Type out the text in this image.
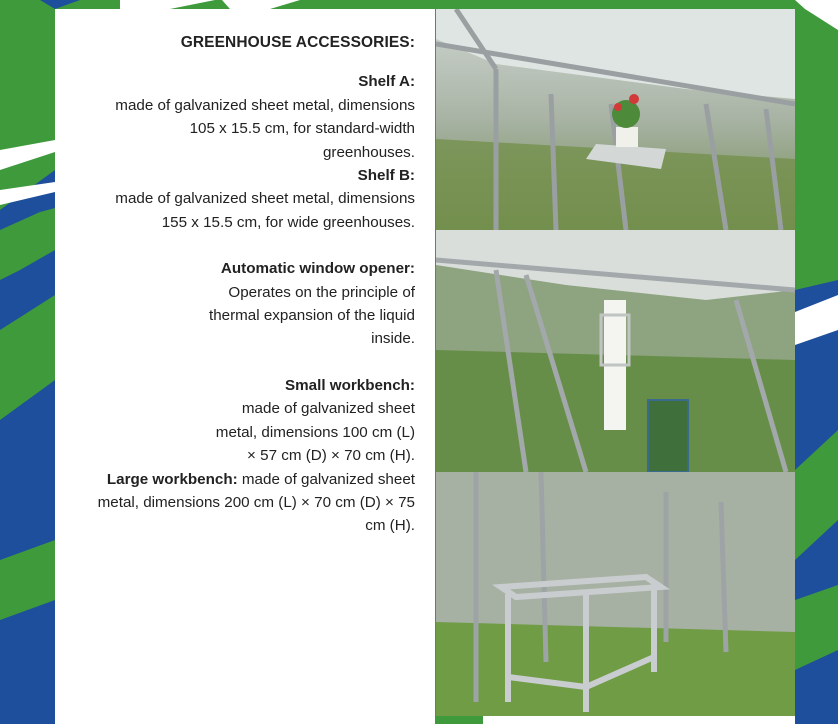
GREENHOUSE ACCESSORIES:
Shelf A:
made of galvanized sheet metal, dimensions 105 x 15.5 cm, for standard-width greenhouses.
Shelf B:
made of galvanized sheet metal, dimensions 155 x 15.5 cm, for wide greenhouses.
Automatic window opener:
Operates on the principle of thermal expansion of the liquid inside.
Small workbench:
made of galvanized sheet metal, dimensions 100 cm (L) × 57 cm (D) × 70 cm (H).
Large workbench: made of galvanized sheet metal, dimensions 200 cm (L) × 70 cm (D) × 75 cm (H).
